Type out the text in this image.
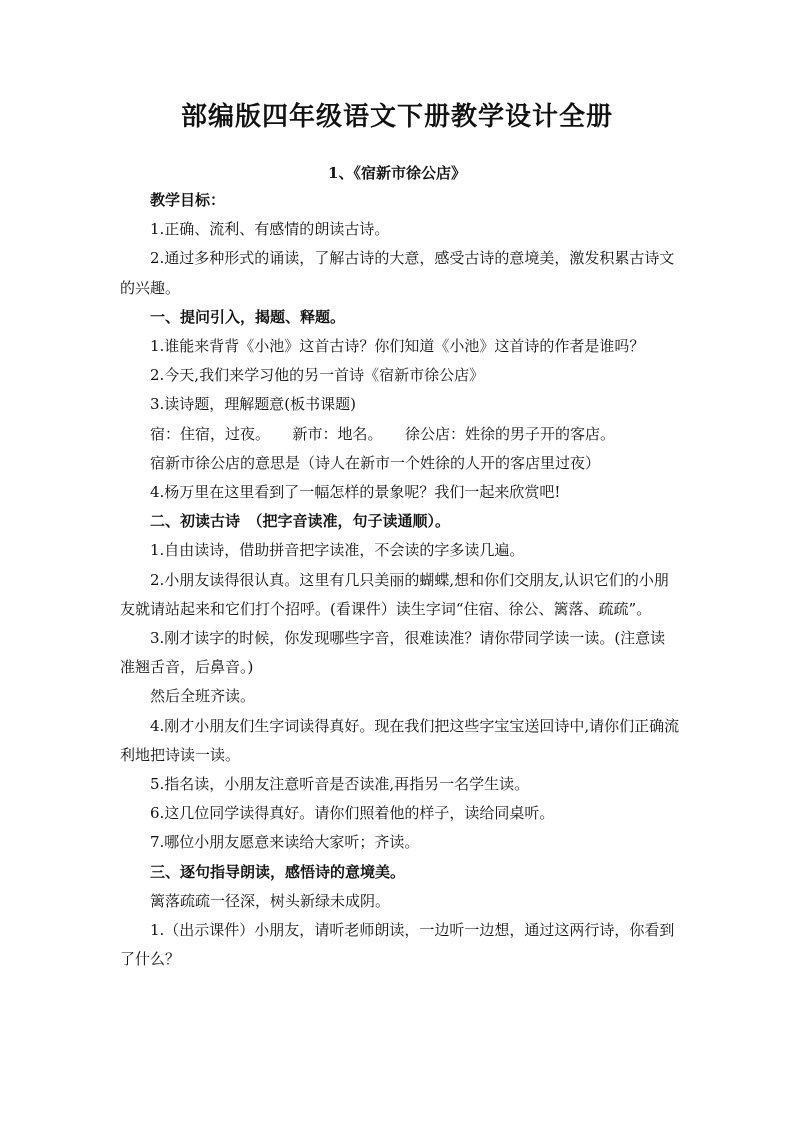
部编版四年级语文下册教学设计全册
1、《宿新市徐公店》

教学目标：

1.正确、流利、有感情的朗读古诗。

2.通过多种形式的诵读，了解古诗的大意，感受古诗的意境美，激发积累古诗文的兴趣。

一、提问引入，揭题、释题。

1.谁能来背背《小池》这首古诗？你们知道《小池》这首诗的作者是谁吗？

2.今天,我们来学习他的另一首诗《宿新市徐公店》

3.读诗题，理解题意(板书课题)

宿：住宿，过夜。　　新市：地名。　　徐公店：姓徐的男子开的客店。

宿新市徐公店的意思是（诗人在新市一个姓徐的人开的客店里过夜）

4.杨万里在这里看到了一幅怎样的景象呢？我们一起来欣赏吧!

二、初读古诗　（把字音读准，句子读通顺）。

1.自由读诗，借助拼音把字读准，不会读的字多读几遍。

2.小朋友读得很认真。这里有几只美丽的蝴蝶,想和你们交朋友,认识它们的小朋友就请站起来和它们打个招呼。(看课件）读生字词“住宿、徐公、篱落、疏疏”。

3.刚才读字的时候，你发现哪些字音，很难读准？请你带同学读一读。(注意读准翘舌音，后鼻音。)

然后全班齐读。

4.刚才小朋友们生字词读得真好。现在我们把这些字宝宝送回诗中,请你们正确流利地把诗读一读。

5.指名读，小朋友注意听音是否读准,再指另一名学生读。

6.这几位同学读得真好。请你们照着他的样子，读给同桌听。

7.哪位小朋友愿意来读给大家听；齐读。

三、逐句指导朗读，感悟诗的意境美。

篱落疏疏一径深，树头新绿未成阴。

1.（出示课件）小朋友，请听老师朗读，一边听一边想，通过这两行诗，你看到了什么？
